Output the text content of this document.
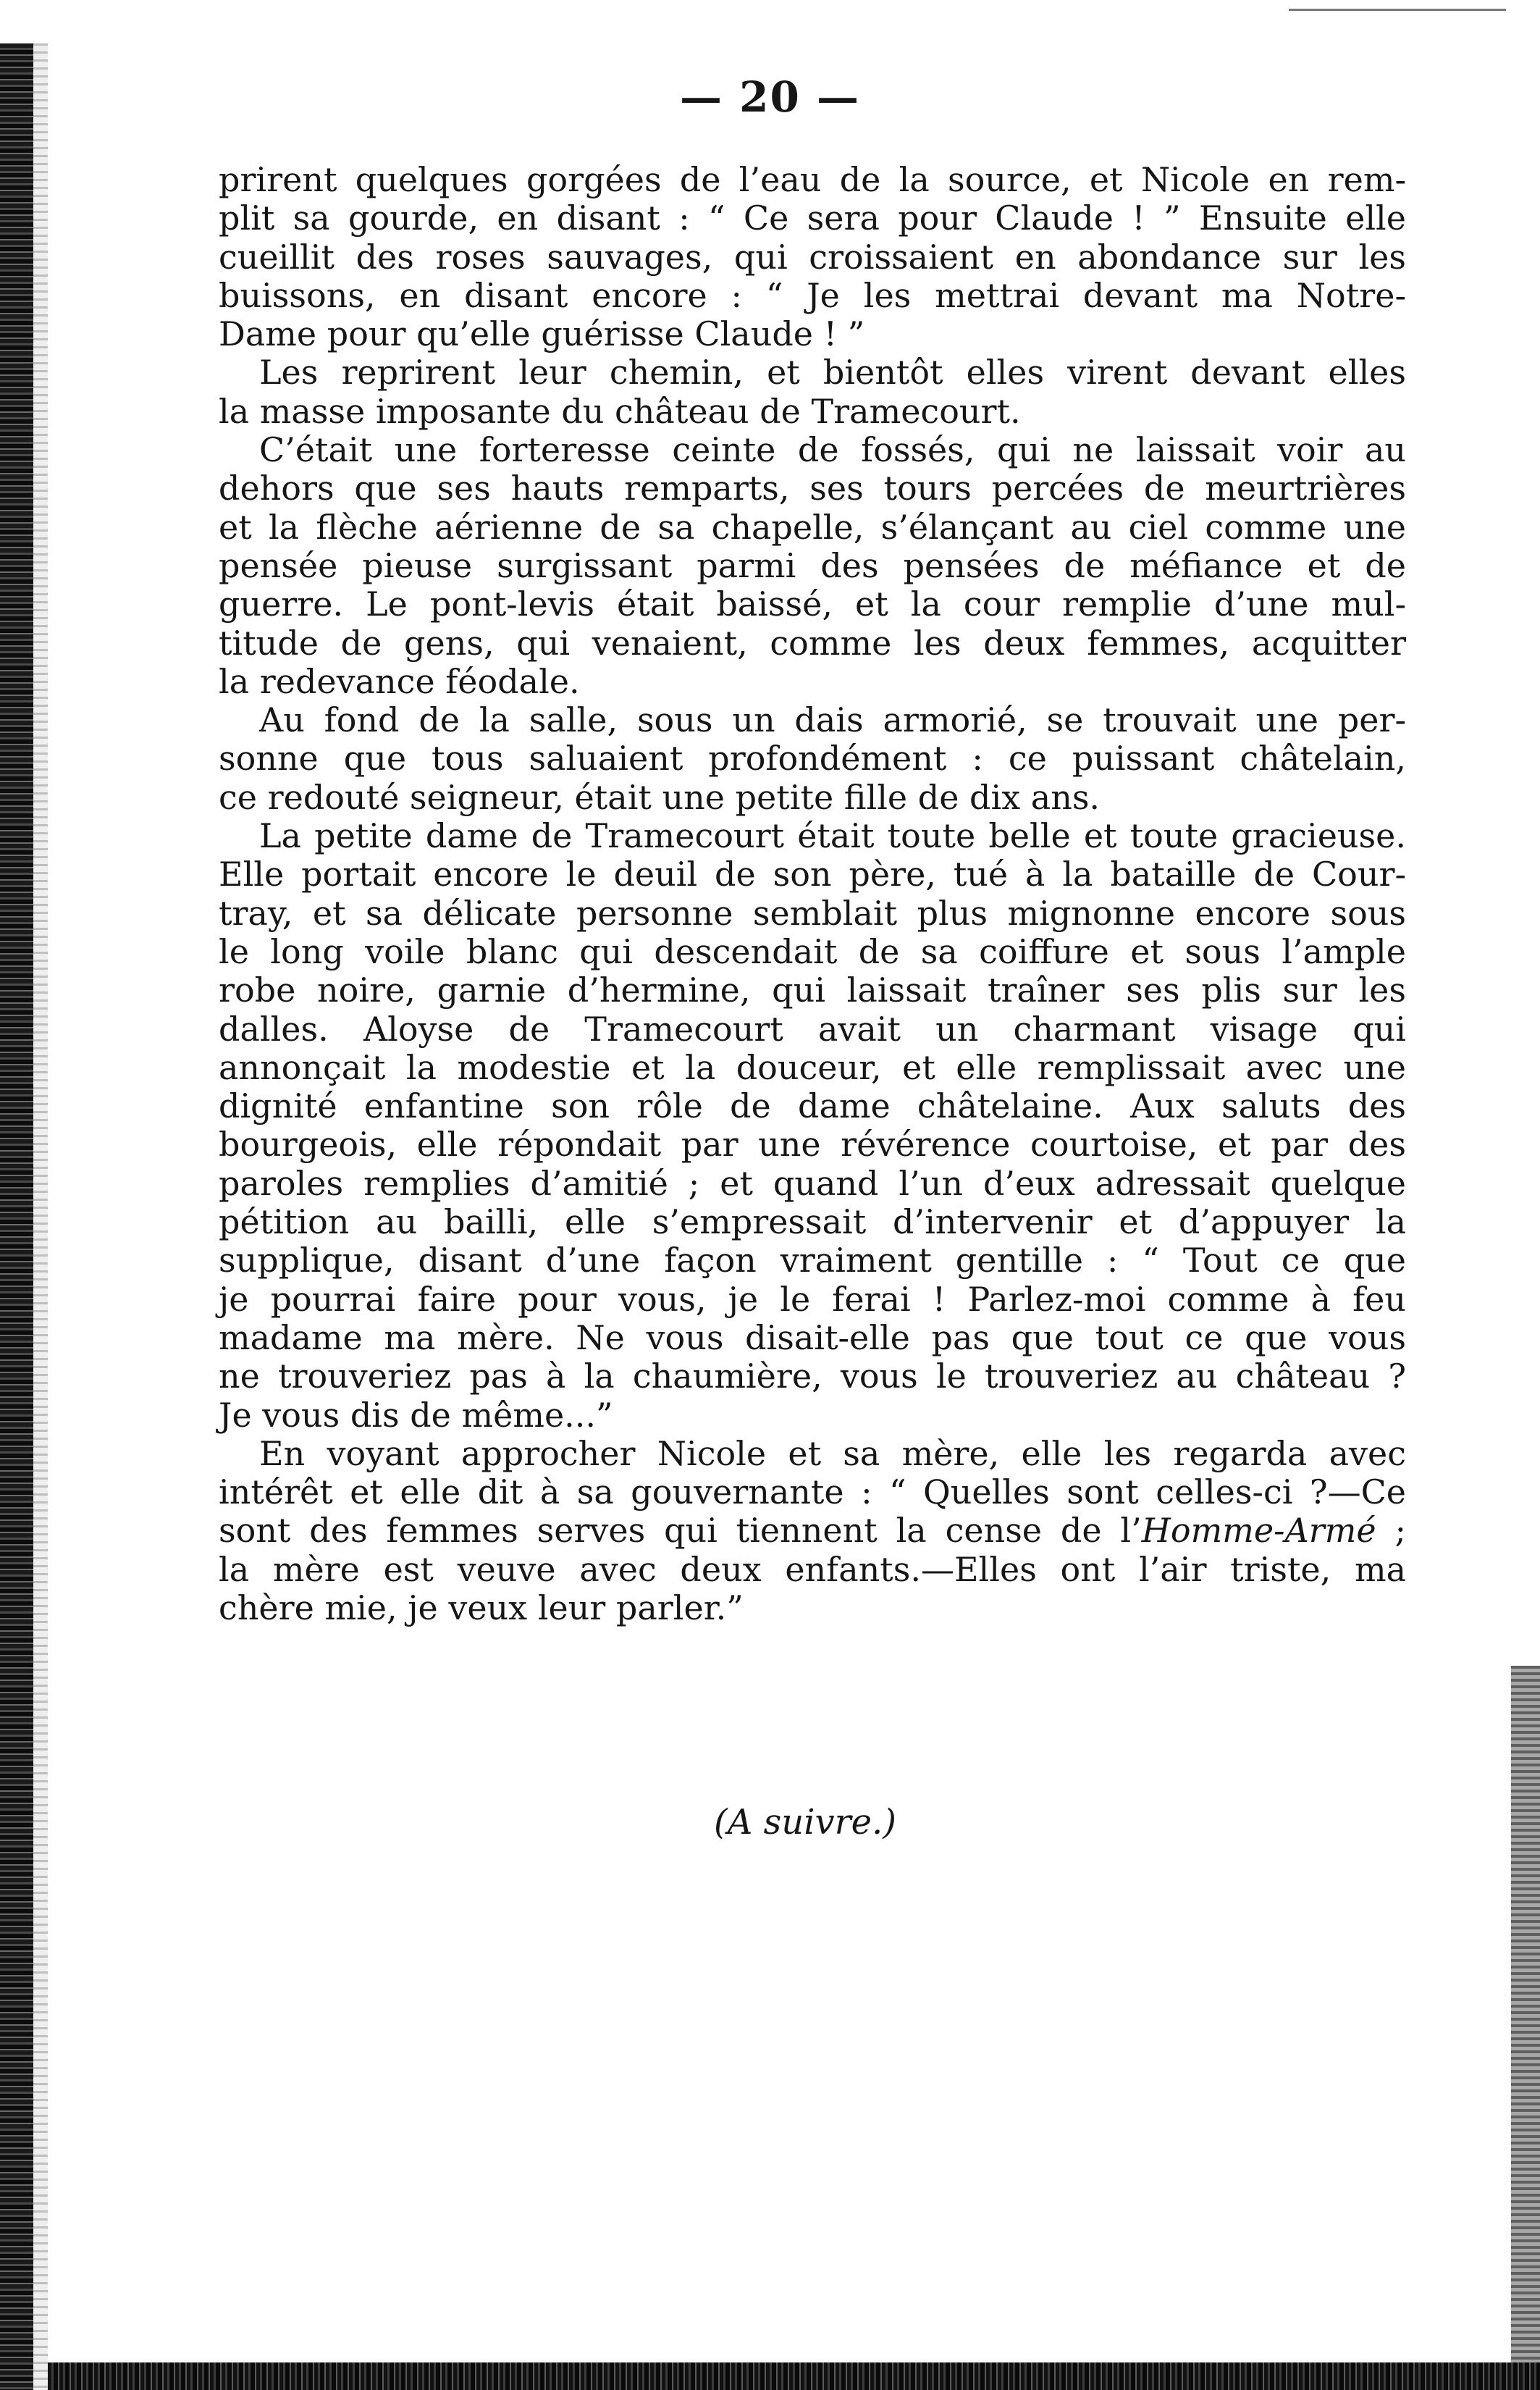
— 20 —
prirent quelques gorgées de l’eau de la source, et Nicole en rem-
plit sa gourde, en disant : “ Ce sera pour Claude ! ” Ensuite elle
cueillit des roses sauvages, qui croissaient en abondance sur les
buissons, en disant encore : “ Je les mettrai devant ma Notre-
Dame pour qu’elle guérisse Claude ! ”
Les reprirent leur chemin, et bientôt elles virent devant elles
la masse imposante du château de Tramecourt.
C’était une forteresse ceinte de fossés, qui ne laissait voir au
dehors que ses hauts remparts, ses tours percées de meurtrières
et la flèche aérienne de sa chapelle, s’élançant au ciel comme une
pensée pieuse surgissant parmi des pensées de méfiance et de
guerre. Le pont-levis était baissé, et la cour remplie d’une mul-
titude de gens, qui venaient, comme les deux femmes, acquitter
la redevance féodale.
Au fond de la salle, sous un dais armorié, se trouvait une per-
sonne que tous saluaient profondément : ce puissant châtelain,
ce redouté seigneur, était une petite fille de dix ans.
La petite dame de Tramecourt était toute belle et toute gracieuse.
Elle portait encore le deuil de son père, tué à la bataille de Cour-
tray, et sa délicate personne semblait plus mignonne encore sous
le long voile blanc qui descendait de sa coiffure et sous l’ample
robe noire, garnie d’hermine, qui laissait traîner ses plis sur les
dalles. Aloyse de Tramecourt avait un charmant visage qui
annonçait la modestie et la douceur, et elle remplissait avec une
dignité enfantine son rôle de dame châtelaine. Aux saluts des
bourgeois, elle répondait par une révérence courtoise, et par des
paroles remplies d’amitié ; et quand l’un d’eux adressait quelque
pétition au bailli, elle s’empressait d’intervenir et d’appuyer la
supplique, disant d’une façon vraiment gentille : “ Tout ce que
je pourrai faire pour vous, je le ferai ! Parlez-moi comme à feu
madame ma mère. Ne vous disait-elle pas que tout ce que vous
ne trouveriez pas à la chaumière, vous le trouveriez au château ?
Je vous dis de même...”
En voyant approcher Nicole et sa mère, elle les regarda avec
intérêt et elle dit à sa gouvernante : “ Quelles sont celles-ci ?—Ce
sont des femmes serves qui tiennent la cense de l’Homme-Armé ;
la mère est veuve avec deux enfants.—Elles ont l’air triste, ma
chère mie, je veux leur parler.”
(A suivre.)
